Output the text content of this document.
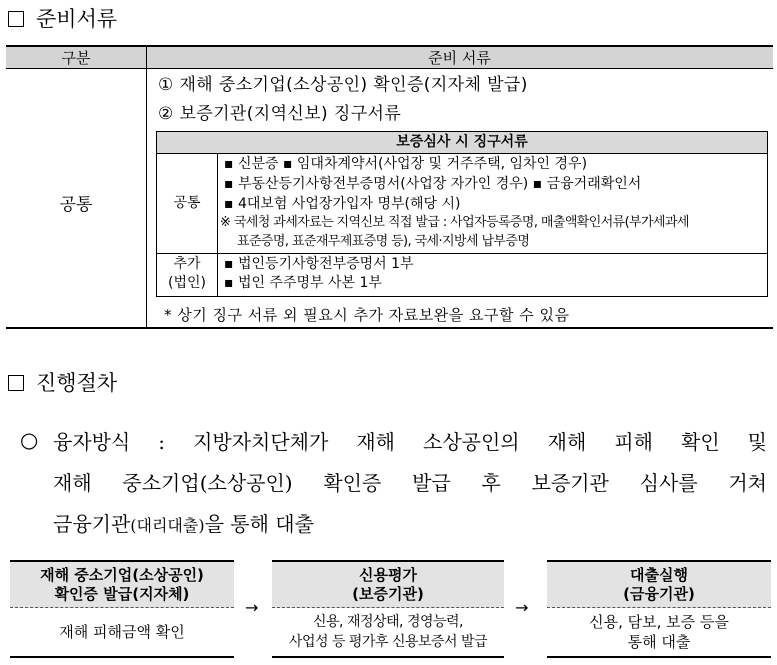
준비서류
구분	준비 서류
공통
① 재해 중소기업(소상공인) 확인증(지자체 발급)
② 보증기관(지역신보) 징구서류
보증심사 시 징구서류
공통
▪ 신분증 ▪ 임대차계약서(사업장 및 거주주택, 임차인 경우)
▪ 부동산등기사항전부증명서(사업장 자가인 경우) ▪ 금융거래확인서
▪ 4대보험 사업장가입자 명부(해당 시)
※ 국세청 과세자료는 지역신보 직접 발급 : 사업자등록증명, 매출액확인서류(부가세과세
표준증명, 표준재무제표증명 등), 국세·지방세 납부증명
추가
(법인)
▪ 법인등기사항전부증명서 1부
▪ 법인 주주명부 사본 1부
* 상기 징구 서류 외 필요시 추가 자료보완을 요구할 수 있음
진행절차
○ 융자방식 : 지방자치단체가 재해 소상공인의 재해 피해 확인 및
재해 중소기업(소상공인) 확인증 발급 후 보증기관 심사를 거쳐
금융기관(대리대출)을 통해 대출
재해 중소기업(소상공인)
확인증 발급(지자체)
재해 피해금액 확인
→
신용평가
(보증기관)
신용, 재정상태, 경영능력,
사업성 등 평가후 신용보증서 발급
→
대출실행
(금융기관)
신용, 담보, 보증 등을
통해 대출
